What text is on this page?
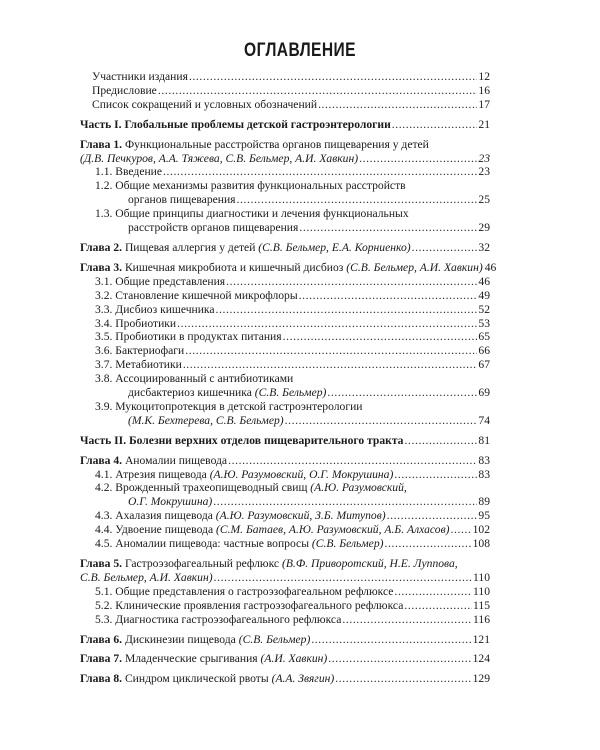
ОГЛАВЛЕНИЕ
Участники издания .....	12
Предисловие .....	16
Список сокращений и условных обозначений .....	17
Часть I. Глобальные проблемы детской гастроэнтерологии .....	21
Глава 1. Функциональные расстройства органов пищеварения у детей
(Д.В. Печкуров, А.А. Тяжева, С.В. Бельмер, А.И. Хавкин) .....	23
1.1. Введение .....	23
1.2. Общие механизмы развития функциональных расстройств
органов пищеварения .....	25
1.3. Общие принципы диагностики и лечения функциональных
расстройств органов пищеварения .....	29
Глава 2. Пищевая аллергия у детей (С.В. Бельмер, Е.А. Корниенко) .....	32
Глава 3. Кишечная микробиота и кишечный дисбиоз (С.В. Бельмер, А.И. Хавкин) 46
3.1. Общие представления .....	46
3.2. Становление кишечной микрофлоры .....	49
3.3. Дисбиоз кишечника .....	52
3.4. Пробиотики .....	53
3.5. Пробиотики в продуктах питания .....	65
3.6. Бактериофаги .....	66
3.7. Метабиотики .....	67
3.8. Ассоциированный с антибиотиками
дисбактериоз кишечника (С.В. Бельмер) .....	69
3.9. Мукоцитопротекция в детской гастроэнтерологии
(М.К. Бехтерева, С.В. Бельмер) .....	74
Часть II. Болезни верхних отделов пищеварительного тракта .....	81
Глава 4. Аномалии пищевода .....	83
4.1. Атрезия пищевода (А.Ю. Разумовский, О.Г. Мокрушина) .....	83
4.2. Врожденный трахеопищеводный свищ (А.Ю. Разумовский,
О.Г. Мокрушина) .....	89
4.3. Ахалазия пищевода (А.Ю. Разумовский, З.Б. Митупов) .....	95
4.4. Удвоение пищевода (С.М. Батаев, А.Ю. Разумовский, А.Б. Алхасов) ..... 102
4.5. Аномалии пищевода: частные вопросы (С.В. Бельмер) .....	108
Глава 5. Гастроэзофагеальный рефлюкс (В.Ф. Приворотский, Н.Е. Луппова,
С.В. Бельмер, А.И. Хавкин) .....	110
5.1. Общие представления о гастроэзофагеальном рефлюксе .....	110
5.2. Клинические проявления гастроэзофагеального рефлюкса .....	115
5.3. Диагностика гастроэзофагеального рефлюкса .....	116
Глава 6. Дискинезии пищевода (С.В. Бельмер) .....	121
Глава 7. Младенческие срыгивания (А.И. Хавкин) .....	124
Глава 8. Синдром циклической рвоты (А.А. Звягин) .....	129
